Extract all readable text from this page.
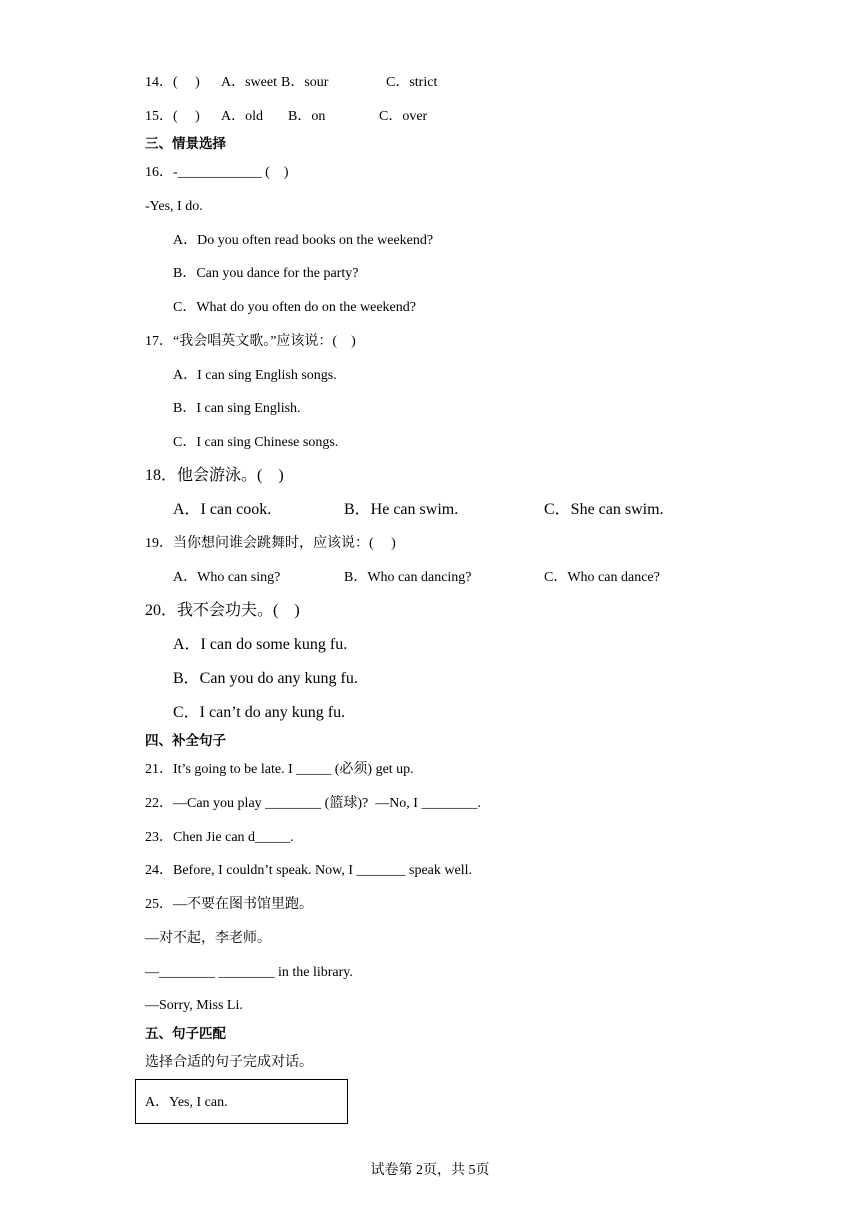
14．(     ) A．sweet B．sour	C．strict
15．(     ) A．old B．on	C．over
三、情景选择
16．-____________ (    )
-Yes, I do.
A．Do you often read books on the weekend?
B．Can you dance for the party?
C．What do you often do on the weekend?
17．“我会唱英文歌。”应该说：(    )
A．I can sing English songs.
B．I can sing English.
C．I can sing Chinese songs.
18．他会游泳。(    )
A．I can cook.	B．He can swim.	C．She can swim.
19．当你想问谁会跳舞时，应该说：(     )
A．Who can sing?	B．Who can dancing?	C．Who can dance?
20．我不会功夫。(    )
A．I can do some kung fu.
B．Can you do any kung fu.
C．I can’t do any kung fu.
四、补全句子
21．It’s going to be late. I _____ (必须) get up.
22．—Can you play ________ (篮球)?  —No, I ________.
23．Chen Jie can d_____.
24．Before, I couldn’t speak. Now, I _______ speak well.
25．—不要在图书馆里跑。
—对不起，李老师。
—________ ________ in the library.
—Sorry, Miss Li.
五、句子匹配
选择合适的句子完成对话。
A．Yes, I can.
试卷第 2页，共 5页
